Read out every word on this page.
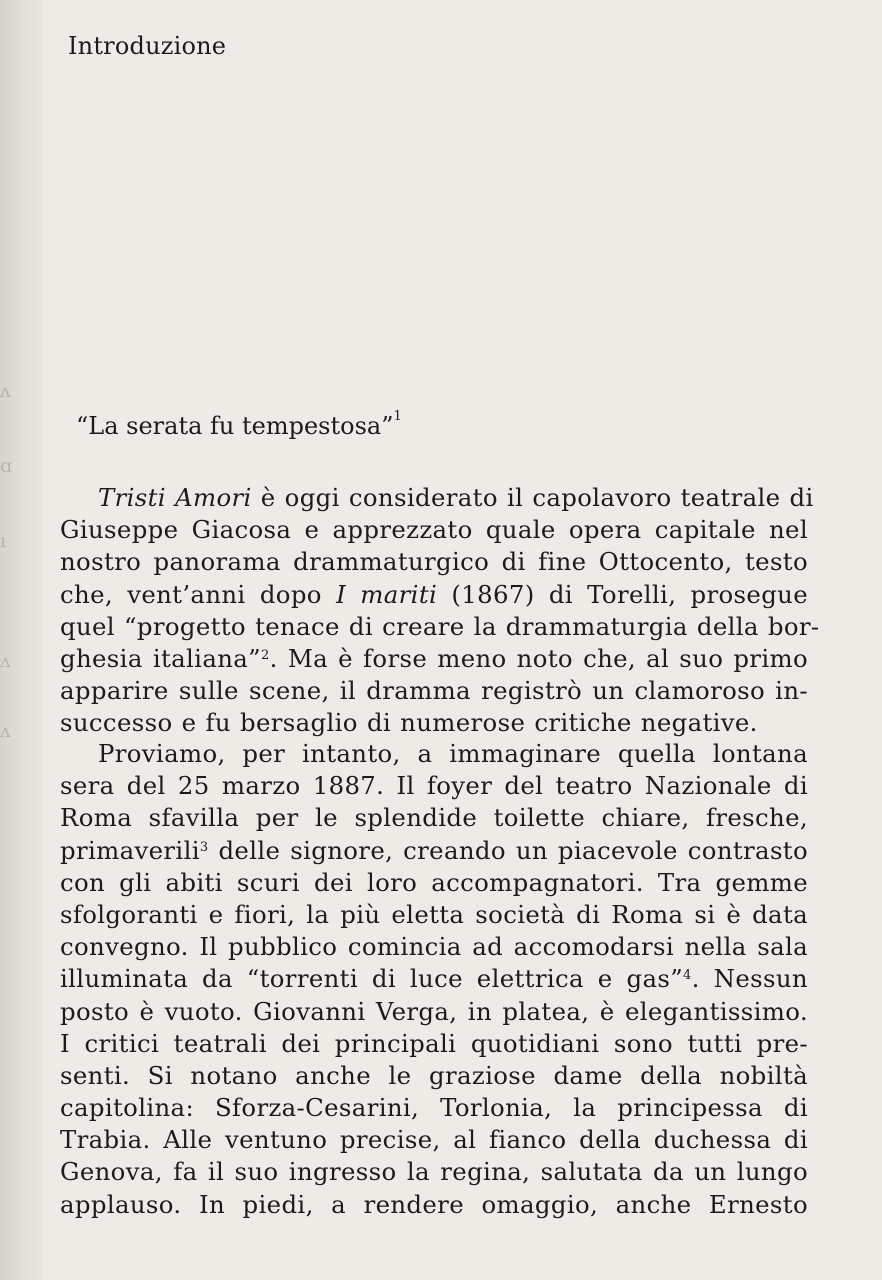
ʌ
ɑ
ı
ʌ
ʌ
Introduzione
“La serata fu tempestosa”$^1$
Tristi Amori è oggi considerato il capolavoro teatrale di
Giuseppe Giacosa e apprezzato quale opera capitale nel
nostro panorama drammaturgico di fine Ottocento, testo
che, vent’anni dopo I mariti (1867) di Torelli, prosegue
quel “progetto tenace di creare la drammaturgia della bor-
ghesia italiana”$^2$. Ma è forse meno noto che, al suo primo
apparire sulle scene, il dramma registrò un clamoroso in-
successo e fu bersaglio di numerose critiche negative.
Proviamo, per intanto, a immaginare quella lontana
sera del 25 marzo 1887. Il foyer del teatro Nazionale di
Roma sfavilla per le splendide toilette chiare, fresche,
primaverili$^3$ delle signore, creando un piacevole contrasto
con gli abiti scuri dei loro accompagnatori. Tra gemme
sfolgoranti e fiori, la più eletta società di Roma si è data
convegno. Il pubblico comincia ad accomodarsi nella sala
illuminata da “torrenti di luce elettrica e gas”$^4$. Nessun
posto è vuoto. Giovanni Verga, in platea, è elegantissimo.
I critici teatrali dei principali quotidiani sono tutti pre-
senti. Si notano anche le graziose dame della nobiltà
capitolina: Sforza-Cesarini, Torlonia, la principessa di
Trabia. Alle ventuno precise, al fianco della duchessa di
Genova, fa il suo ingresso la regina, salutata da un lungo
applauso. In piedi, a rendere omaggio, anche Ernesto
